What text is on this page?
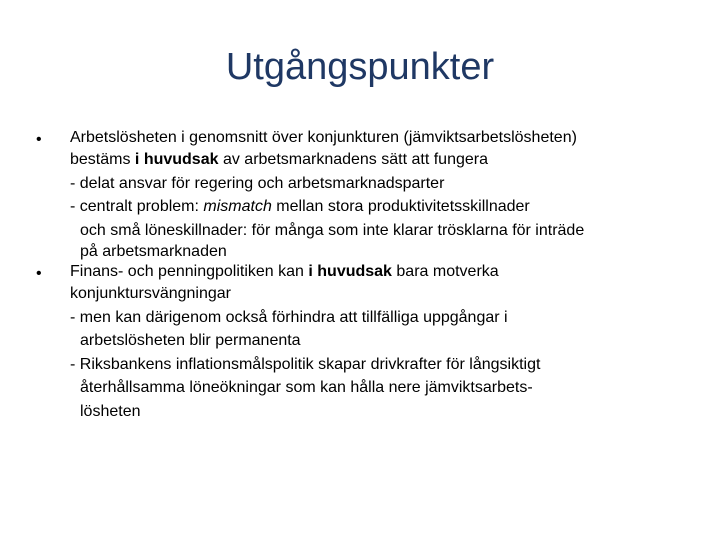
Utgångspunkter
•	Arbetslösheten i genomsnitt över konjunkturen (jämviktsarbetslösheten)
bestäms i huvudsak av arbetsmarknadens sätt att fungera
- delat ansvar för regering och arbetsmarknadsparter
- centralt problem: mismatch mellan stora produktivitetsskillnader
och små löneskillnader: för många som inte klarar trösklarna för inträde
på arbetsmarknaden
•	Finans- och penningpolitiken kan i huvudsak bara motverka
konjunktursvängningar
- men kan därigenom också förhindra att tillfälliga uppgångar i
arbetslösheten blir permanenta
- Riksbankens inflationsmålspolitik skapar drivkrafter för långsiktigt
återhållsamma löneökningar som kan hålla nere jämviktsarbets-
lösheten
